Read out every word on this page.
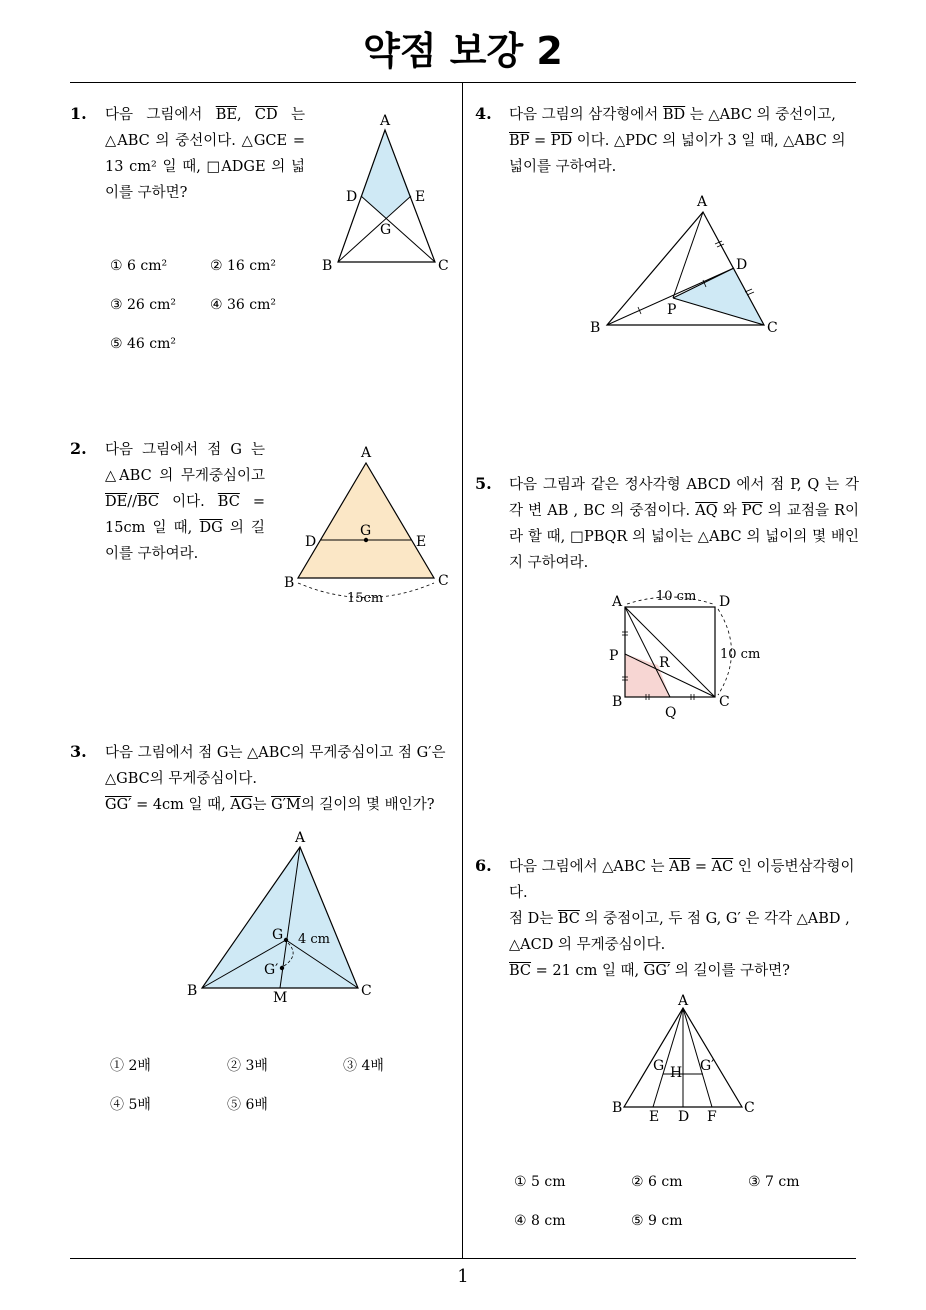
약점 보강 2
1
1. 다음 그림에서 $\overline{BE}$, $\overline{CD}$ 는 △ABC 의 중선이다. △GCE = 13 cm² 일 때, □ADGE 의 넓이를 구하면?
① 6 cm²	② 16 cm²
③ 26 cm² ④ 36 cm²
⑤ 46 cm²
A
B	C
D	E
G
2. 다음 그림에서 점 G 는 △ABC 의 무게중심이고 $\overline{DE}//\overline{BC}$ 이다. $\overline{BC} = 15cm$ 일 때, $\overline{DG}$ 의 길이를 구하여라.
A
B	C
D	E
G
15cm
3. 다음 그림에서 점 G는 △ABC의 무게중심이고 점 G′은 △GBC의 무게중심이다.
GG′ = 4cm 일 때, $\overline{AG}$는 G′M의 길이의 몇 배인가?
① 2배	② 3배	③ 4배
④ 5배	⑤ 6배
A
B	C
G
G′
M
4 cm
4. 다음 그림의 삼각형에서 $\overline{BD}$ 는 △ABC 의 중선이고, $\overline{BP} = \overline{PD}$ 이다. △PDC 의 넓이가 3 일 때, △ABC 의 넓이를 구하여라.
A
B	C
D
P
5. 다음 그림과 같은 정사각형 ABCD 에서 점 P, Q 는 각각 변 AB , BC 의 중점이다. $\overline{AQ}$ 와 $\overline{PC}$ 의 교점을 R이라 할 때, □PBQR 의 넓이는 △ABC 의 넓이의 몇 배인지 구하여라.
A
B	C
D
P
Q
R
10 cm
10 cm
6. 다음 그림에서 △ABC 는 $\overline{AB} = \overline{AC}$ 인 이등변삼각형이다.
점 D는 $\overline{BC}$ 의 중점이고, 두 점 G, G′ 은 각각 △ABD , △ACD 의 무게중심이다.
$\overline{BC} = 21$ cm 일 때, GG′ 의 길이를 구하면?
① 5 cm	② 6 cm	③ 7 cm
④ 8 cm	⑤ 9 cm
A
B	C
D
E	F
G	G′
H
